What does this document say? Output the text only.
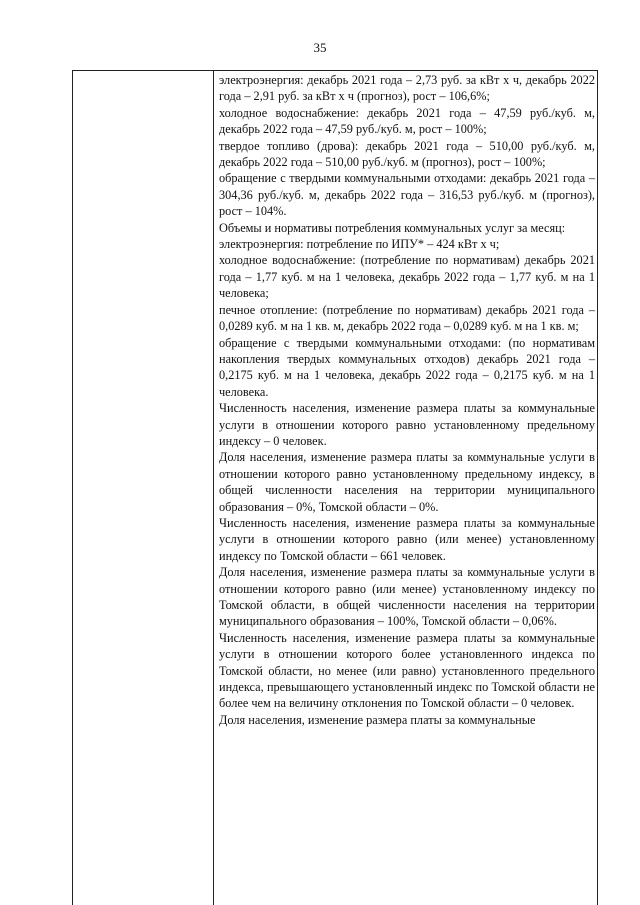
35

электроэнергия: декабрь 2021 года – 2,73 руб. за кВт х ч, декабрь 2022 года – 2,91 руб. за кВт х ч (прогноз), рост – 106,6%;

холодное водоснабжение: декабрь 2021 года – 47,59 руб./куб. м, декабрь 2022 года – 47,59 руб./куб. м, рост – 100%;

твердое топливо (дрова): декабрь 2021 года – 510,00 руб./куб. м, декабрь 2022 года – 510,00 руб./куб. м (прогноз), рост – 100%;

обращение с твердыми коммунальными отходами: декабрь 2021 года – 304,36 руб./куб. м, декабрь 2022 года – 316,53 руб./куб. м (прогноз), рост – 104%.

Объемы и нормативы потребления коммунальных услуг за месяц:

электроэнергия: потребление по ИПУ* – 424 кВт х ч;

холодное водоснабжение: (потребление по нормативам) декабрь 2021 года – 1,77 куб. м на 1 человека, декабрь 2022 года – 1,77 куб. м на 1 человека;

печное отопление: (потребление по нормативам) декабрь 2021 года – 0,0289 куб. м на 1 кв. м, декабрь 2022 года – 0,0289 куб. м на 1 кв. м;

обращение с твердыми коммунальными отходами: (по нормативам накопления твердых коммунальных отходов) декабрь 2021 года – 0,2175 куб. м на 1 человека, декабрь 2022 года – 0,2175 куб. м на 1 человека.

Численность населения, изменение размера платы за коммунальные услуги в отношении которого равно установленному предельному индексу – 0 человек.

Доля населения, изменение размера платы за коммунальные услуги в отношении которого равно установленному предельному индексу, в общей численности населения на территории муниципального образования – 0%, Томской области – 0%.

Численность населения, изменение размера платы за коммунальные услуги в отношении которого равно (или менее) установленному индексу по Томской области – 661 человек.

Доля населения, изменение размера платы за коммунальные услуги в отношении которого равно (или менее) установленному индексу по Томской области, в общей численности населения на территории муниципального образования – 100%, Томской области – 0,06%.

Численность населения, изменение размера платы за коммунальные услуги в отношении которого более установленного индекса по Томской области, но менее (или равно) установленного предельного индекса, превышающего установленный индекс по Томской области не более чем на величину отклонения по Томской области – 0 человек.

Доля населения, изменение размера платы за коммунальные
